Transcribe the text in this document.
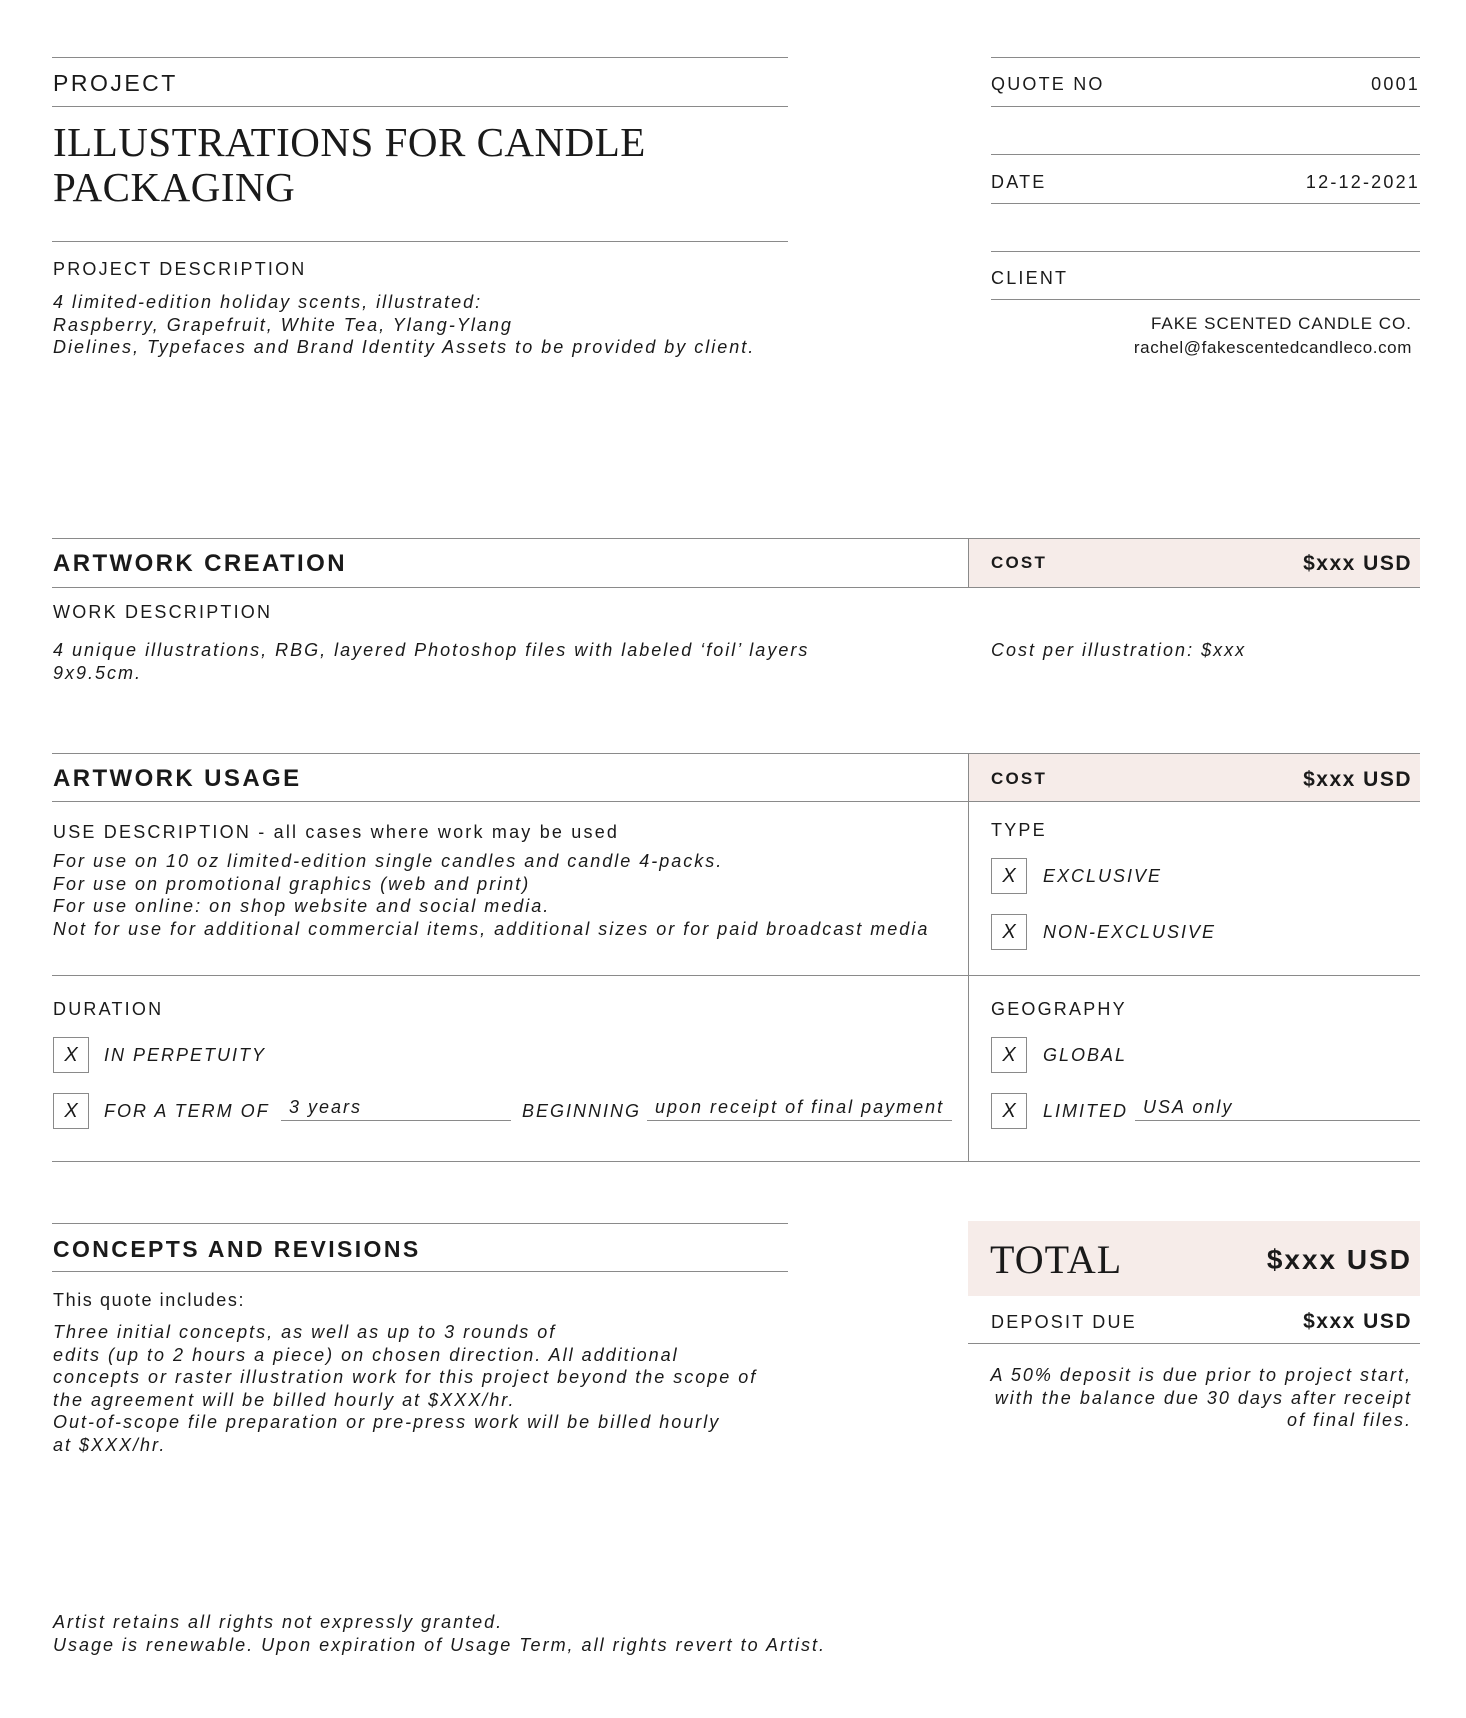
PROJECT
ILLUSTRATIONS FOR CANDLE
PACKAGING
PROJECT DESCRIPTION
4 limited-edition holiday scents, illustrated:
Raspberry, Grapefruit, White Tea, Ylang-Ylang
Dielines, Typefaces and Brand Identity Assets to be provided by client.
QUOTE NO	0001
DATE	12-12-2021
CLIENT
FAKE SCENTED CANDLE CO.
rachel@fakescentedcandleco.com
ARTWORK CREATION	COST	$xxx USD
WORK DESCRIPTION
4 unique illustrations, RBG, layered Photoshop files with labeled ‘foil’ layers
9x9.5cm.
Cost per illustration: $xxx
ARTWORK USAGE	COST	$xxx USD
USE DESCRIPTION - all cases where work may be used
For use on 10 oz limited-edition single candles and candle 4-packs.
For use on promotional graphics (web and print)
For use online: on shop website and social media.
Not for use for additional commercial items, additional sizes or for paid broadcast media
TYPE
X	EXCLUSIVE
X	NON-EXCLUSIVE
DURATION
X	IN PERPETUITY
X	FOR A TERM OF	3 years	BEGINNING upon receipt of final payment
GEOGRAPHY
X	GLOBAL
X	LIMITED USA only
CONCEPTS AND REVISIONS
This quote includes:
Three initial concepts, as well as up to 3 rounds of
edits (up to 2 hours a piece) on chosen direction. All additional
concepts or raster illustration work for this project beyond the scope of
the agreement will be billed hourly at $XXX/hr.
Out-of-scope file preparation or pre-press work will be billed hourly
at $XXX/hr.
TOTAL	$xxx USD
DEPOSIT DUE	$xxx USD
A 50% deposit is due prior to project start,
with the balance due 30 days after receipt
of final files.
Artist retains all rights not expressly granted.
Usage is renewable. Upon expiration of Usage Term, all rights revert to Artist.
